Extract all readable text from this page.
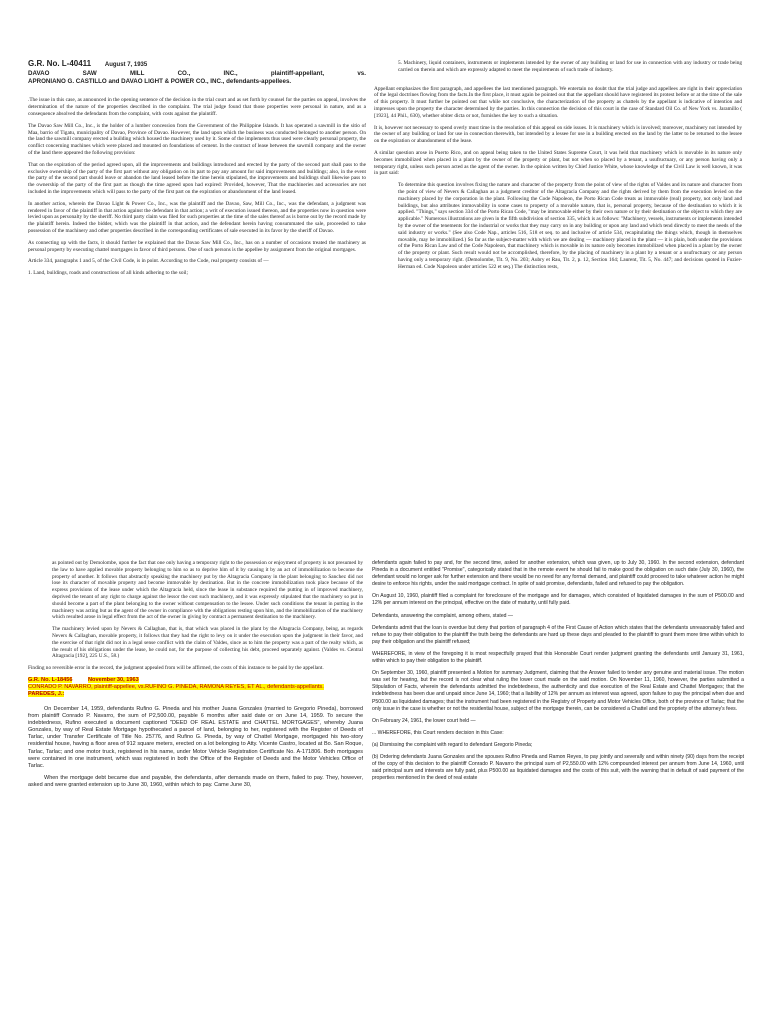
G.R. No. L-40411 August 7, 1935
DAVAO	SAW	MILL	CO.,	INC.,	plaintiff-appellant,	vs.
APRONIANO G. CASTILLO and DAVAO LIGHT & POWER CO., INC., defendants-appellees.

.The issue in this case, as announced in the opening sentence of the decision in the trial court and as set forth by counsel for the parties on appeal, involves the determination of the nature of the properties described in the complaint. The trial judge found that those properties were personal in nature, and as a consequence absolved the defendants from the complaint, with costs against the plaintiff.

The Davao Saw Mill Co., Inc., is the holder of a lumber concession from the Government of the Philippine Islands. It has operated a sawmill in the sitio of Maa, barrio of Tigatu, municipality of Davao, Province of Davao. However, the land upon which the business was conducted belonged to another person. On the land the sawmill company erected a building which housed the machinery used by it. Some of the implements thus used were clearly personal property, the conflict concerning machines which were placed and mounted on foundations of cement. In the contract of lease between the sawmill company and the owner of the land there appeared the following provision:

That on the expiration of the period agreed upon, all the improvements and buildings introduced and erected by the party of the second part shall pass to the exclusive ownership of the party of the first part without any obligation on its part to pay any amount for said improvements and buildings; also, in the event the party of the second part should leave or abandon the land leased before the time herein stipulated, the improvements and buildings shall likewise pass to the ownership of the party of the first part as though the time agreed upon had expired: Provided, however, That the machineries and accessories are not included in the improvements which will pass to the party of the first part on the expiration or abandonment of the land leased.

In another action, wherein the Davao Light & Power Co., Inc., was the plaintiff and the Davao, Saw, Mill Co., Inc., was the defendant, a judgment was rendered in favor of the plaintiff in that action against the defendant in that action; a writ of execution issued thereon, and the properties now in question were levied upon as personalty by the sheriff. No third party claim was filed for such properties at the time of the sales thereof as is borne out by the record made by the plaintiff herein. Indeed the bidder, which was the plaintiff in that action, and the defendant herein having consummated the sale, proceeded to take possession of the machinery and other properties described in the corresponding certificates of sale executed in its favor by the sheriff of Davao.

As connecting up with the facts, it should further be explained that the Davao Saw Mill Co., Inc., has on a number of occasions treated the machinery as personal property by executing chattel mortgages in favor of third persons. One of such persons is the appellee by assignment from the original mortgages.

Article 334, paragraphs 1 and 5, of the Civil Code, is in point. According to the Code, real property consists of —

1. Land, buildings, roads and constructions of all kinds adhering to the soil;

5. Machinery, liquid containers, instruments or implements intended by the owner of any building or land for use in connection with any industry or trade being carried on therein and which are expressly adapted to meet the requirements of such trade of industry.

Appellant emphasizes the first paragraph, and appellees the last mentioned paragraph. We entertain no doubt that the trial judge and appellees are right in their appreciation of the legal doctrines flowing from the facts.In the first place, it must again be pointed out that the appellant should have registered its protest before or at the time of the sale of this property. It must further be pointed out that while not conclusive, the characterization of the property as chattels by the appellant is indicative of intention and impresses upon the property the character determined by the parties. In this connection the decision of this court in the case of Standard Oil Co. of New York vs. Jaramillo ( [1923], 44 Phil., 630), whether obiter dicta or not, furnishes the key to such a situation.

It is, however not necessary to spend overly must time in the resolution of this appeal on side issues. It is machinery which is involved; moreover, machinery not intended by the owner of any building or land for use in connection therewith, but intended by a lessee for use in a building erected on the land by the latter to be returned to the lessee on the expiration or abandonment of the lease.

A similar question arose in Puerto Rico, and on appeal being taken to the United States Supreme Court, it was held that machinery which is movable in its nature only becomes immobilized when placed in a plant by the owner of the property or plant, but not when so placed by a tenant, a usufructuary, or any person having only a temporary right, unless such person acted as the agent of the owner. In the opinion written by Chief Justice White, whose knowledge of the Civil Law is well known, it was in part said:

To determine this question involves fixing the nature and character of the property from the point of view of the rights of Valdes and its nature and character from the point of view of Nevers & Callaghan as a judgment creditor of the Altagracia Company and the rights derived by them from the execution levied on the machinery placed by the corporation in the plant. Following the Code Napoleon, the Porto Rican Code treats as immovable (real) property, not only land and buildings, but also attributes immovability in some cases to property of a movable nature, that is, personal property, because of the destination to which it is applied. "Things," says section 334 of the Porto Rican Code, "may be immovable either by their own nature or by their destination or the object to which they are applicable." Numerous illustrations are given in the fifth subdivision of section 335, which is as follows: "Machinery, vessels, instruments or implements intended by the owner of the tenements for the industrial or works that they may carry on in any building or upon any land and which tend directly to meet the needs of the said industry or works." (See also Code Nap., articles 516, 518 et seq. to and inclusive of article 534, recapitulating the things which, though in themselves movable, may be immobilized.) So far as the subject-matter with which we are dealing — machinery placed in the plant — it is plain, both under the provisions of the Porto Rican Law and of the Code Napoleon, that machinery which is movable in its nature only becomes immobilized when placed in a plant by the owner of the property or plant. Such result would not be accomplished, therefore, by the placing of machinery in a plant by a tenant or a usufructuary or any person having only a temporary right. (Demolombe, Tit. 9, No. 203; Aubry et Rau, Tit. 2, p. 12, Section 164; Laurent, Tit. 5, No. 447; and decisions quoted in Fuzier-Herman ed. Code Napoleon under articles 522 et seq.) The distinction rests,

as pointed out by Demolombe, upon the fact that one only having a temporary right to the possession or enjoyment of property is not presumed by the law to have applied movable property belonging to him so as to deprive him of it by causing it by an act of immobilization to become the property of another. It follows that abstractly speaking the machinery put by the Altagracia Company in the plant belonging to Sanchez did not lose its character of movable property and become immovable by destination. But in the concrete immobilization took place because of the express provisions of the lease under which the Altagracia held, since the lease in substance required the putting in of improved machinery, deprived the tenant of any right to charge against the lessor the cost such machinery, and it was expressly stipulated that the machinery so put in should become a part of the plant belonging to the owner without compensation to the lessee. Under such conditions the tenant in putting in the machinery was acting but as the agent of the owner in compliance with the obligations resting upon him, and the immobilization of the machinery which resulted arose in legal effect from the act of the owner in giving by contract a permanent destination to the machinery.

The machinery levied upon by Nevers & Callaghan, that is, that which was placed in the plant by the Altagracia Company, being, as regards Nevers & Callaghan, movable property, it follows that they had the right to levy on it under the execution upon the judgment in their favor, and the exercise of that right did not in a legal sense conflict with the claim of Valdes, since as to him the property was a part of the realty which, as the result of his obligations under the lease, he could not, for the purpose of collecting his debt, proceed separately against. (Valdes vs. Central Altagracia [192], 225 U.S., 58.)

Finding no reversible error in the record, the judgment appealed from will be affirmed, the costs of this instance to be paid by the appellant.

G.R. No. L-18456	November 30, 1963
CONRADO P. NAVARRO, plaintiff-appellee, vs.RUFINO G. PINEDA, RAMONA REYES, ET AL., defendants-appellants.
PAREDES, J.:

On December 14, 1959, defendants Rufino G. Pineda and his mother Juana Gonzales (married to Gregorio Pineda), borrowed from plaintiff Conrado P. Navarro, the sum of P2,500.00, payable 6 months after said date or on June 14, 1959. To secure the indebtedness, Rufino executed a document captioned "DEED OF REAL ESTATE and CHATTEL MORTGAGES", whereby Juana Gonzales, by way of Real Estate Mortgage hypothecated a parcel of land, belonging to her, registered with the Register of Deeds of Tarlac, under Transfer Certificate of Title No. 25776, and Rufino G. Pineda, by way of Chattel Mortgage, mortgaged his two-story residential house, having a floor area of 912 square meters, erected on a lot belonging to Atty. Vicente Castro, located at Bo. San Roque, Tarlac, Tarlac; and one motor truck, registered in his name, under Motor Vehicle Registration Certificate No. A-171806. Both mortgages were contained in one instrument, which was registered in both the Office of the Register of Deeds and the Motor Vehicles Office of Tarlac.

When the mortgage debt became due and payable, the defendants, after demands made on them, failed to pay. They, however, asked and were granted extension up to June 30, 1960, within which to pay. Came June 30,

defendants again failed to pay and, for the second time, asked for another extension, which was given, up to July 30, 1960. In the second extension, defendant Pineda in a document entitled "Promise", categorically stated that in the remote event he should fail to make good the obligation on such date (July 30, 1960), the defendant would no longer ask for further extension and there would be no need for any formal demand, and plaintiff could proceed to take whatever action he might desire to enforce his rights, under the said mortgage contract. In spite of said promise, defendants, failed and refused to pay the obligation.

On August 10, 1960, plaintiff filed a complaint for foreclosure of the mortgage and for damages, which consisted of liquidated damages in the sum of P500.00 and 12% per annum interest on the principal, effective on the date of maturity, until fully paid.

Defendants, answering the complaint, among others, stated —

Defendants admit that the loan is overdue but deny that portion of paragraph 4 of the First Cause of Action which states that the defendants unreasonably failed and refuse to pay their obligation to the plaintiff the truth being the defendants are hard up these days and pleaded to the plaintiff to grant them more time within which to pay their obligation and the plaintiff refused;

WHEREFORE, in view of the foregoing it is most respectfully prayed that this Honorable Court render judgment granting the defendants until January 31, 1961, within which to pay their obligation to the plaintiff.

On September 30, 1960, plaintiff presented a Motion for summary Judgment, claiming that the Answer failed to tender any genuine and material issue. The motion was set for hearing, but the record is not clear what ruling the lower court made on the said motion. On November 11, 1960, however, the parties submitted a Stipulation of Facts, wherein the defendants admitted the indebtedness, the authenticity and due execution of the Real Estate and Chattel Mortgages; that the indebtedness has been due and unpaid since June 14, 1960; that a liability of 12% per annum as interest was agreed, upon failure to pay the principal when due and P500.00 as liquidated damages; that the instrument had been registered in the Registry of Property and Motor Vehicles Office, both of the province of Tarlac; that the only issue in the case is whether or not the residential house, subject of the mortgage therein, can be considered a Chattel and the propriety of the attorney's fees.

On February 24, 1961, the lower court held —

... WHEREFORE, this Court renders decision in this Case:

(a) Dismissing the complaint with regard to defendant Gregorio Pineda;

(b) Ordering defendants Juana Gonzales and the spouses Rufino Pineda and Ramon Reyes, to pay jointly and severally and within ninety (90) days from the receipt of the copy of this decision to the plaintiff Conrado P. Navarro the principal sum of P2,550.00 with 12% compounded interest per annum from June 14, 1960, until said principal sum and interests are fully paid, plus P500.00 as liquidated damages and the costs of this suit, with the warning that in default of said payment of the properties mentioned in the deed of real estate
